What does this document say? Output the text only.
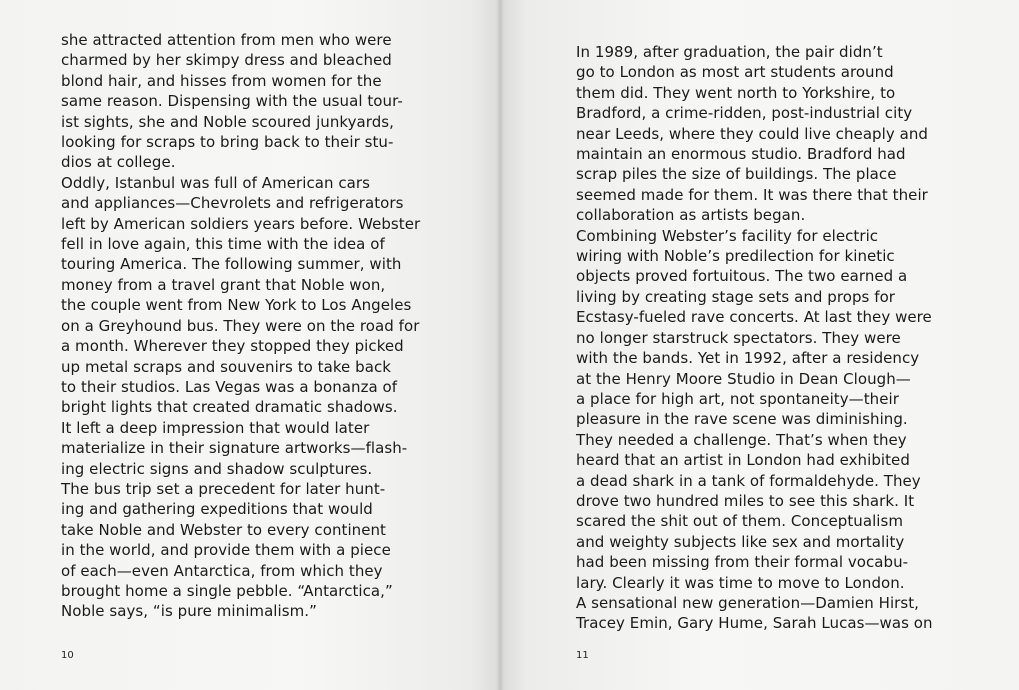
she attracted attention from men who were
charmed by her skimpy dress and bleached
blond hair, and hisses from women for the
same reason. Dispensing with the usual tour-
ist sights, she and Noble scoured junkyards,
looking for scraps to bring back to their stu-
dios at college.

Oddly, Istanbul was full of American cars
and appliances—Chevrolets and refrigerators
left by American soldiers years before. Webster
fell in love again, this time with the idea of
touring America. The following summer, with
money from a travel grant that Noble won,
the couple went from New York to Los Angeles
on a Greyhound bus. They were on the road for
a month. Wherever they stopped they picked
up metal scraps and souvenirs to take back
to their studios. Las Vegas was a bonanza of
bright lights that created dramatic shadows.
It left a deep impression that would later
materialize in their signature artworks—flash-
ing electric signs and shadow sculptures.

The bus trip set a precedent for later hunt-
ing and gathering expeditions that would
take Noble and Webster to every continent
in the world, and provide them with a piece
of each—even Antarctica, from which they
brought home a single pebble. “Antarctica,”
Noble says, “is pure minimalism.”

In 1989, after graduation, the pair didn’t
go to London as most art students around
them did. They went north to Yorkshire, to
Bradford, a crime-ridden, post-industrial city
near Leeds, where they could live cheaply and
maintain an enormous studio. Bradford had
scrap piles the size of buildings. The place
seemed made for them. It was there that their
collaboration as artists began.

Combining Webster’s facility for electric
wiring with Noble’s predilection for kinetic
objects proved fortuitous. The two earned a
living by creating stage sets and props for
Ecstasy-fueled rave concerts. At last they were
no longer starstruck spectators. They were
with the bands. Yet in 1992, after a residency
at the Henry Moore Studio in Dean Clough—
a place for high art, not spontaneity—their
pleasure in the rave scene was diminishing.
They needed a challenge. That’s when they
heard that an artist in London had exhibited
a dead shark in a tank of formaldehyde. They
drove two hundred miles to see this shark. It
scared the shit out of them. Conceptualism
and weighty subjects like sex and mortality
had been missing from their formal vocabu-
lary. Clearly it was time to move to London.
A sensational new generation—Damien Hirst,
Tracey Emin, Gary Hume, Sarah Lucas—was on

10	11
